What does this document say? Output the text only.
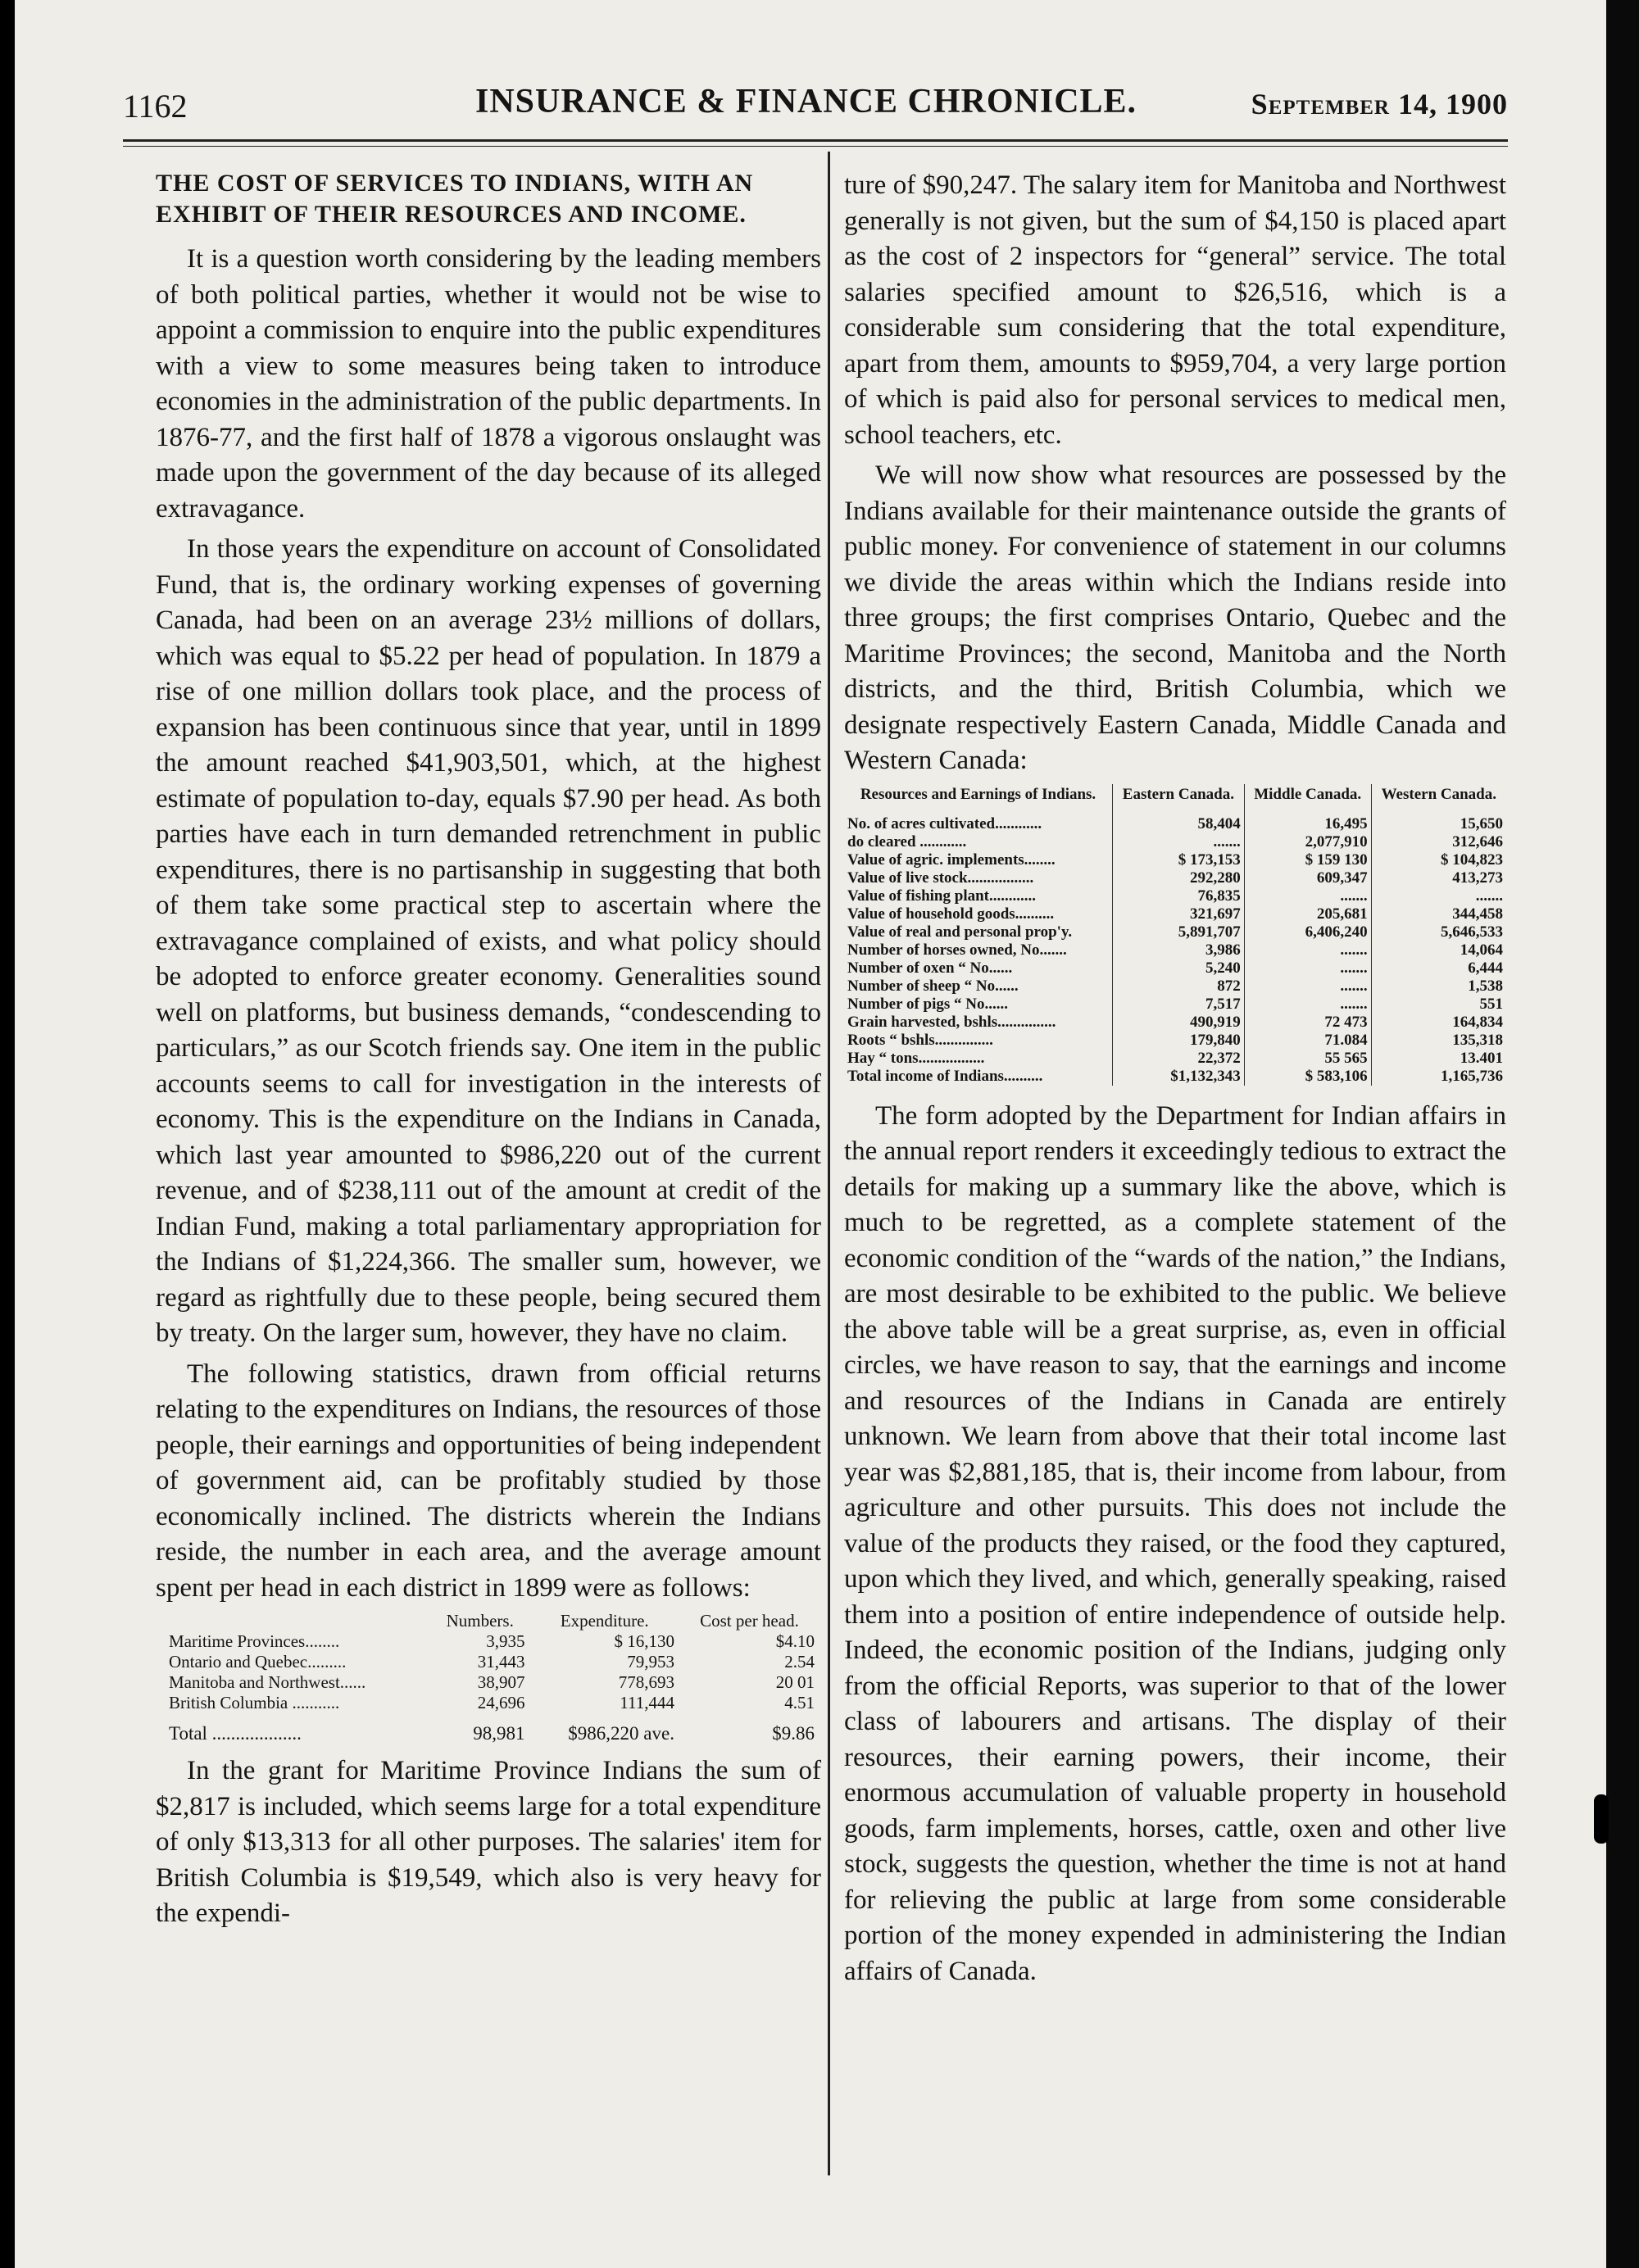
1162	INSURANCE & FINANCE CHRONICLE.	September 14, 1900
THE COST OF SERVICES TO INDIANS, WITH AN EXHIBIT OF THEIR RESOURCES AND INCOME.

It is a question worth considering by the leading members of both political parties, whether it would not be wise to appoint a commission to enquire into the public expenditures with a view to some measures being taken to introduce economies in the administration of the public departments. In 1876-77, and the first half of 1878 a vigorous onslaught was made upon the government of the day because of its alleged extravagance.

In those years the expenditure on account of Consolidated Fund, that is, the ordinary working expenses of governing Canada, had been on an average 23½ millions of dollars, which was equal to $5.22 per head of population. In 1879 a rise of one million dollars took place, and the process of expansion has been continuous since that year, until in 1899 the amount reached $41,903,501, which, at the highest estimate of population to-day, equals $7.90 per head. As both parties have each in turn demanded retrenchment in public expenditures, there is no partisanship in suggesting that both of them take some practical step to ascertain where the extravagance complained of exists, and what policy should be adopted to enforce greater economy. Generalities sound well on platforms, but business demands, “condescending to particulars,” as our Scotch friends say. One item in the public accounts seems to call for investigation in the interests of economy. This is the expenditure on the Indians in Canada, which last year amounted to $986,220 out of the current revenue, and of $238,111 out of the amount at credit of the Indian Fund, making a total parliamentary appropriation for the Indians of $1,224,366. The smaller sum, however, we regard as rightfully due to these people, being secured them by treaty. On the larger sum, however, they have no claim.

The following statistics, drawn from official returns relating to the expenditures on Indians, the resources of those people, their earnings and opportunities of being independent of government aid, can be profitably studied by those economically inclined. The districts wherein the Indians reside, the number in each area, and the average amount spent per head in each district in 1899 were as follows:

	Numbers.	Expenditure.	Cost per head.
Maritime Provinces........	3,935	$ 16,130	$4.10
Ontario and Quebec.........	31,443	79,953	2.54
Manitoba and Northwest......	38,907	778,693	20 01
British Columbia ...........	24,696	111,444	4.51
Total ...................	98,981	$986,220 ave.	$9.86

In the grant for Maritime Province Indians the sum of $2,817 is included, which seems large for a total expenditure of only $13,313 for all other purposes. The salaries' item for British Columbia is $19,549, which also is very heavy for the expendi-

ture of $90,247. The salary item for Manitoba and Northwest generally is not given, but the sum of $4,150 is placed apart as the cost of 2 inspectors for “general” service. The total salaries specified amount to $26,516, which is a considerable sum considering that the total expenditure, apart from them, amounts to $959,704, a very large portion of which is paid also for personal services to medical men, school teachers, etc.

We will now show what resources are possessed by the Indians available for their maintenance outside the grants of public money. For convenience of statement in our columns we divide the areas within which the Indians reside into three groups; the first comprises Ontario, Quebec and the Maritime Provinces; the second, Manitoba and the North districts, and the third, British Columbia, which we designate respectively Eastern Canada, Middle Canada and Western Canada:

Resources and Earnings of Indians.	Eastern Canada.	Middle Canada.	Western Canada.
No. of acres cultivated............	58,404	16,495	15,650
do cleared ............	.......	2,077,910	312,646
Value of agric. implements........	$ 173,153	$ 159 130	$ 104,823
Value of live stock.................	292,280	609,347	413,273
Value of fishing plant............	76,835	.......	.......
Value of household goods..........	321,697	205,681	344,458
Value of real and personal prop'y.	5,891,707	6,406,240	5,646,533
Number of horses owned, No.......	3,986	.......	14,064
Number of oxen “ No......	5,240	.......	6,444
Number of sheep “ No......	872	.......	1,538
Number of pigs “ No......	7,517	.......	551
Grain harvested, bshls...............	490,919	72 473	164,834
Roots “ bshls...............	179,840	71.084	135,318
Hay “ tons.................	22,372	55 565	13.401
Total income of Indians..........	$1,132,343	$ 583,106	1,165,736

The form adopted by the Department for Indian affairs in the annual report renders it exceedingly tedious to extract the details for making up a summary like the above, which is much to be regretted, as a complete statement of the economic condition of the “wards of the nation,” the Indians, are most desirable to be exhibited to the public. We believe the above table will be a great surprise, as, even in official circles, we have reason to say, that the earnings and income and resources of the Indians in Canada are entirely unknown. We learn from above that their total income last year was $2,881,185, that is, their income from labour, from agriculture and other pursuits. This does not include the value of the products they raised, or the food they captured, upon which they lived, and which, generally speaking, raised them into a position of entire independence of outside help. Indeed, the economic position of the Indians, judging only from the official Reports, was superior to that of the lower class of labourers and artisans. The display of their resources, their earning powers, their income, their enormous accumulation of valuable property in household goods, farm implements, horses, cattle, oxen and other live stock, suggests the question, whether the time is not at hand for relieving the public at large from some considerable portion of the money expended in administering the Indian affairs of Canada.
